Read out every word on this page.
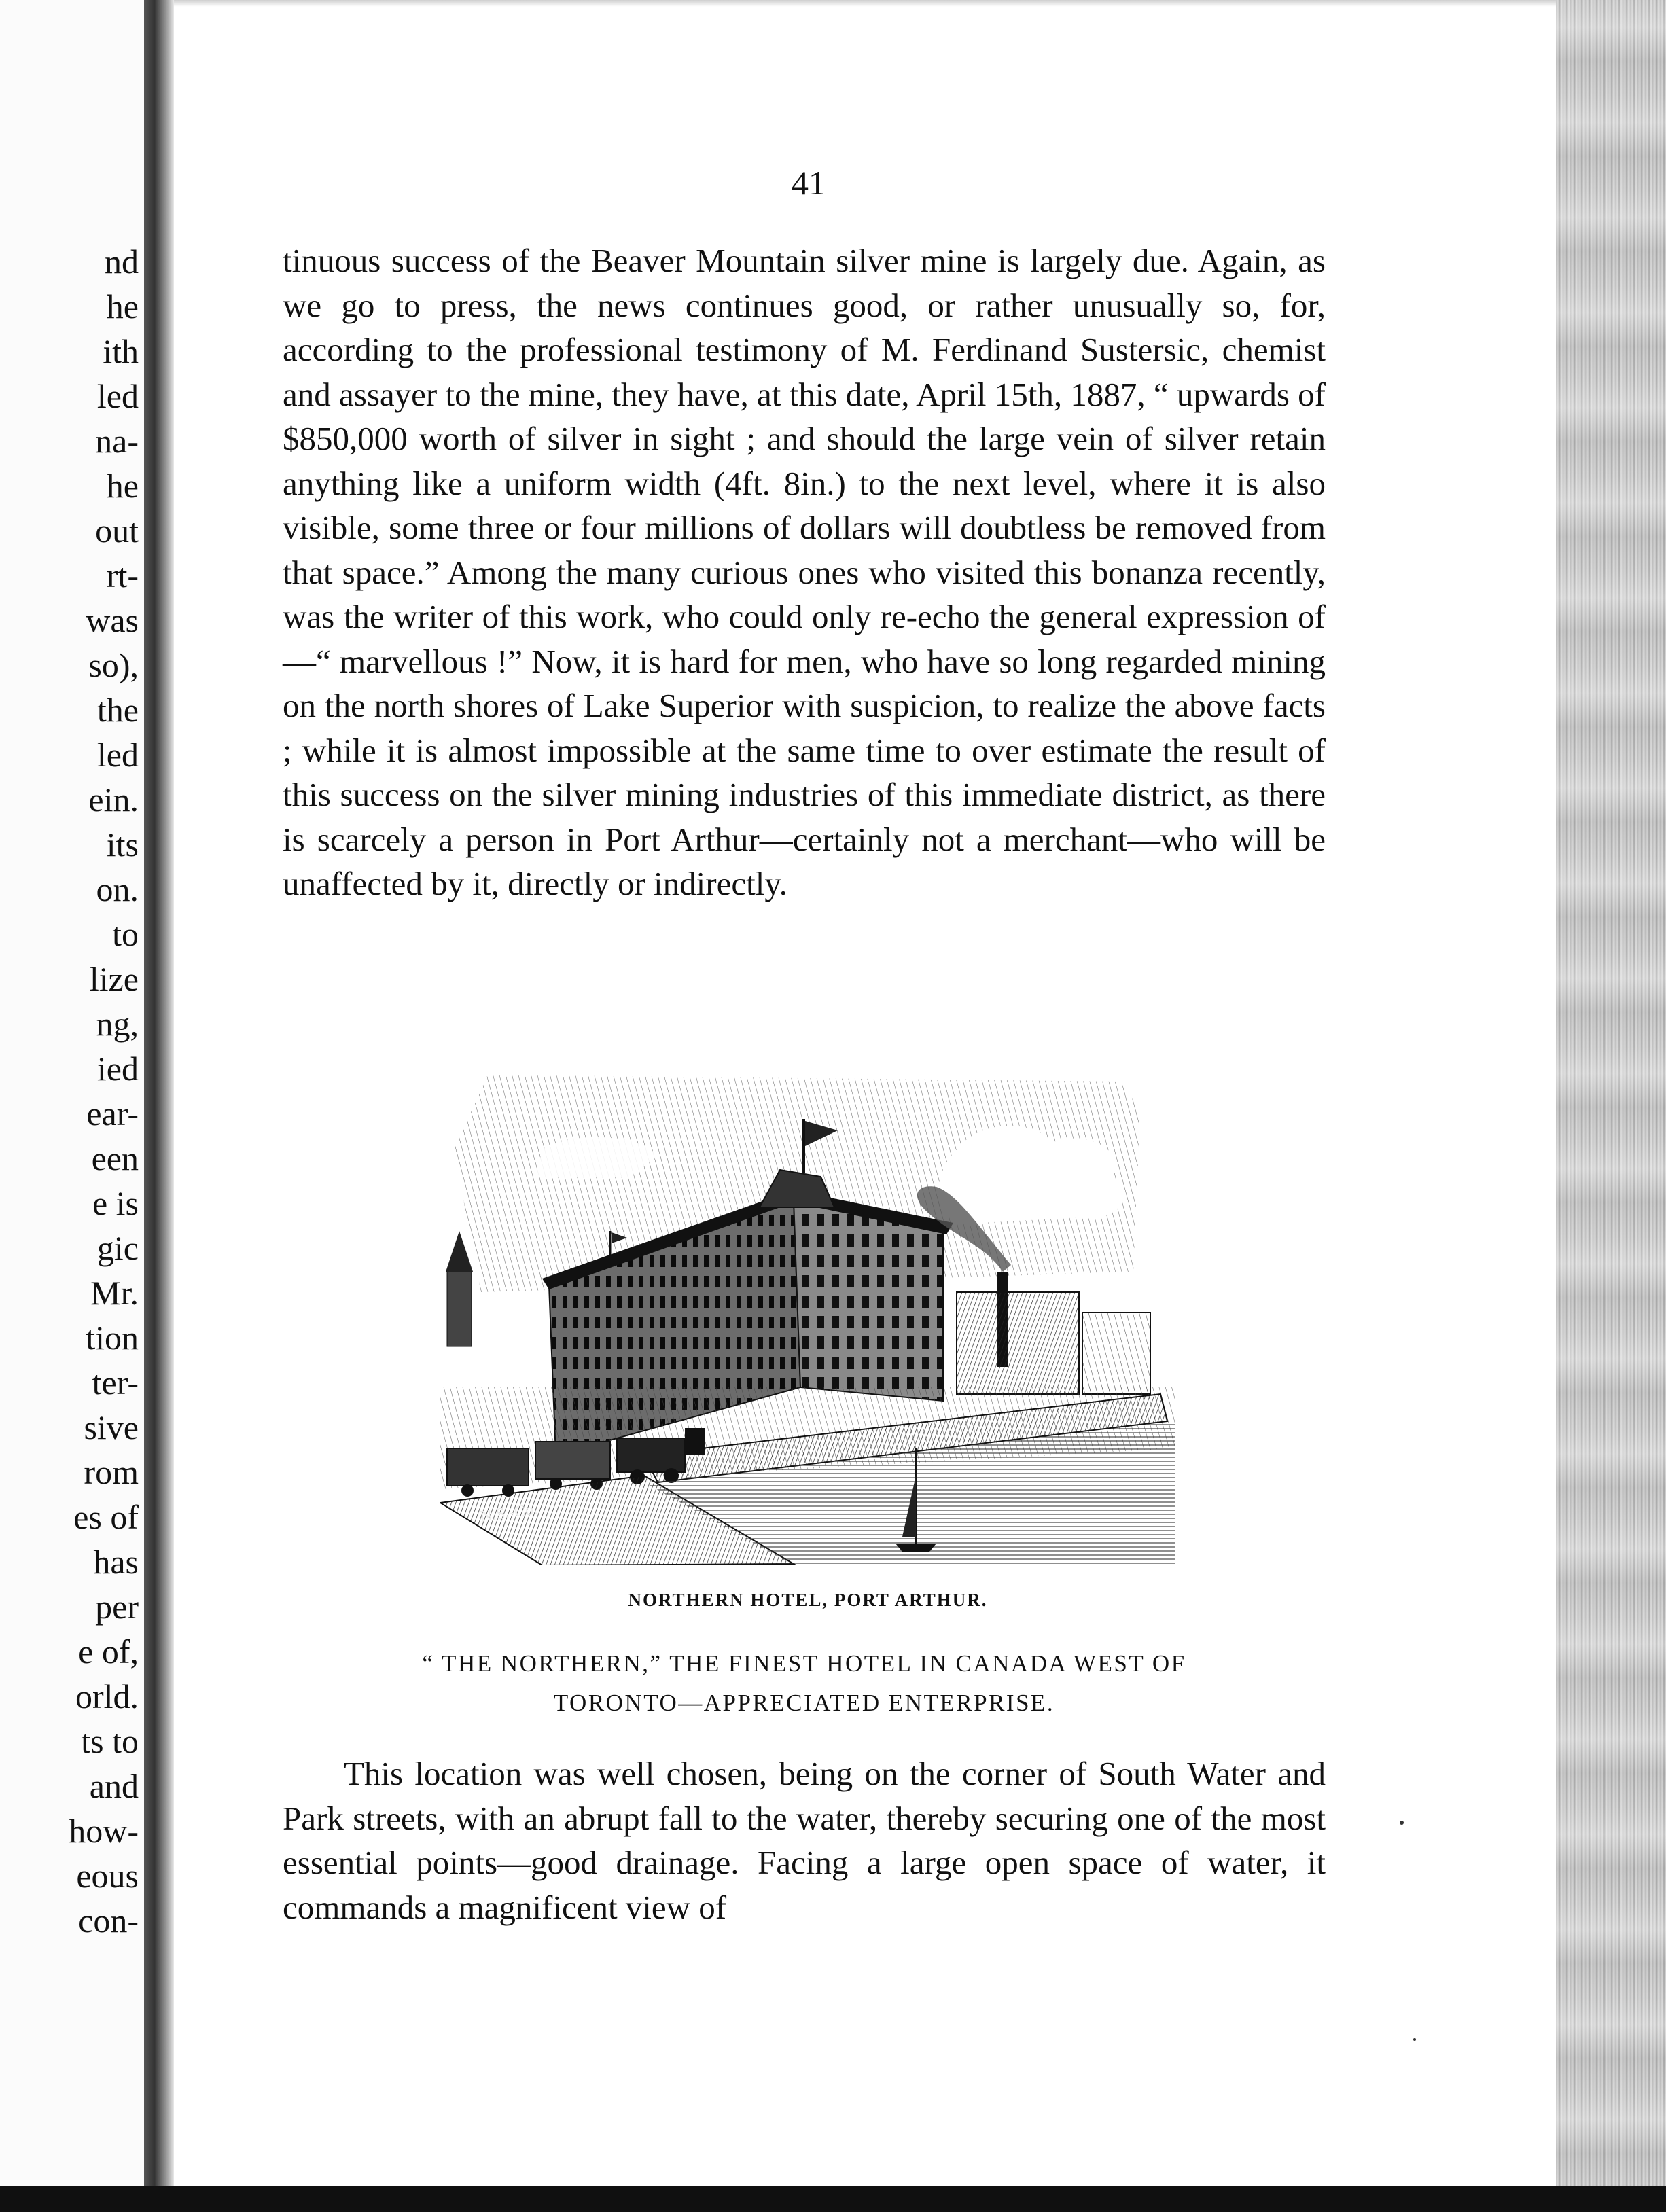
nd

he

ith

led

na-

he

out

rt-

was

so),

the

led

ein.

its

on.

to

lize

ng,

ied

ear-

een

e is

gic

Mr.

tion

ter-

sive

rom

es of

has

per

e of,

orld.

ts to

and

how-

eous

con-

41

tinuous success of the Beaver Mountain silver mine is largely due. Again, as we go to press, the news continues good, or rather unusually so, for, according to the professional testimony of M. Ferdinand Sustersic, chemist and assayer to the mine, they have, at this date, April 15th, 1887, “ upwards of $850,000 worth of silver in sight ; and should the large vein of silver retain anything like a uniform width (4ft. 8in.) to the next level, where it is also visible, some three or four millions of dollars will doubtless be removed from that space.” Among the many curious ones who visited this bonanza recently, was the writer of this work, who could only re-echo the general expression of—“ marvellous !” Now, it is hard for men, who have so long regarded mining on the north shores of Lake Superior with suspicion, to realize the above facts ; while it is almost impossible at the same time to over estimate the result of this success on the silver mining industries of this immediate district, as there is scarcely a person in Port Arthur—certainly not a merchant—who will be unaffected by it, directly or indirectly.

N.S.-Co.

NORTHERN HOTEL, PORT ARTHUR.

“ THE NORTHERN,” THE FINEST HOTEL IN CANADA WEST OF
TORONTO—APPRECIATED ENTERPRISE.

This location was well chosen, being on the corner of South Water and Park streets, with an abrupt fall to the water, thereby securing one of the most essential points—good drainage. Facing a large open space of water, it commands a magnificent view of
